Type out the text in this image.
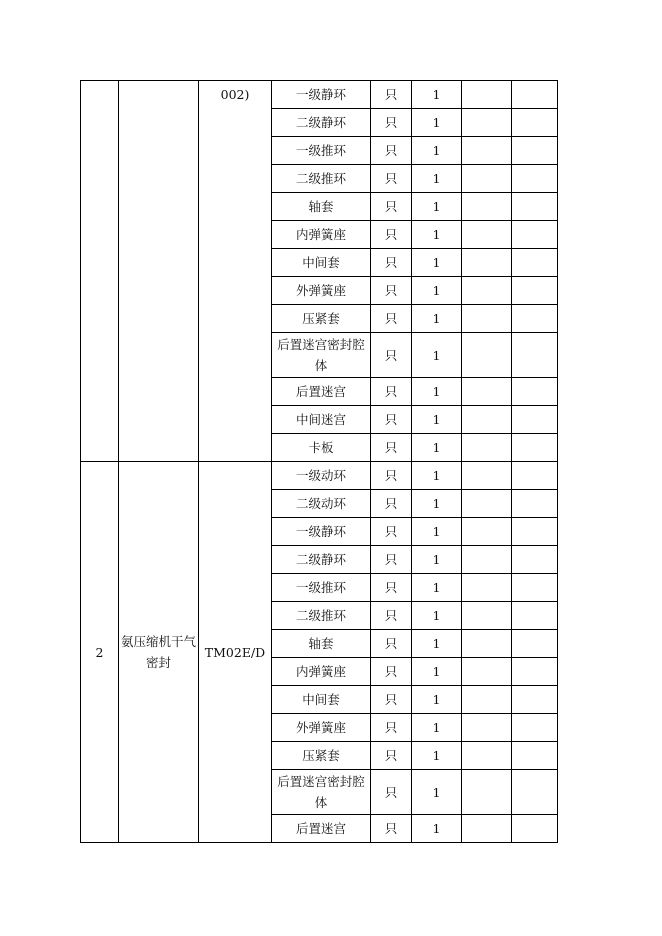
		002)	一级静环	只	1		
			二级静环	只	1		
			一级推环	只	1		
			二级推环	只	1		
			轴套	只	1		
			内弹簧座	只	1		
			中间套	只	1		
			外弹簧座	只	1		
			压紧套	只	1		
			后置迷宫密封腔体	只	1		
			后置迷宫	只	1		
			中间迷宫	只	1		
			卡板	只	1		
2	氨压缩机干气密封	TM02E/D	一级动环	只	1		
			二级动环	只	1		
			一级静环	只	1		
			二级静环	只	1		
			一级推环	只	1		
			二级推环	只	1		
			轴套	只	1		
			内弹簧座	只	1		
			中间套	只	1		
			外弹簧座	只	1		
			压紧套	只	1		
			后置迷宫密封腔体	只	1		
			后置迷宫	只	1		
